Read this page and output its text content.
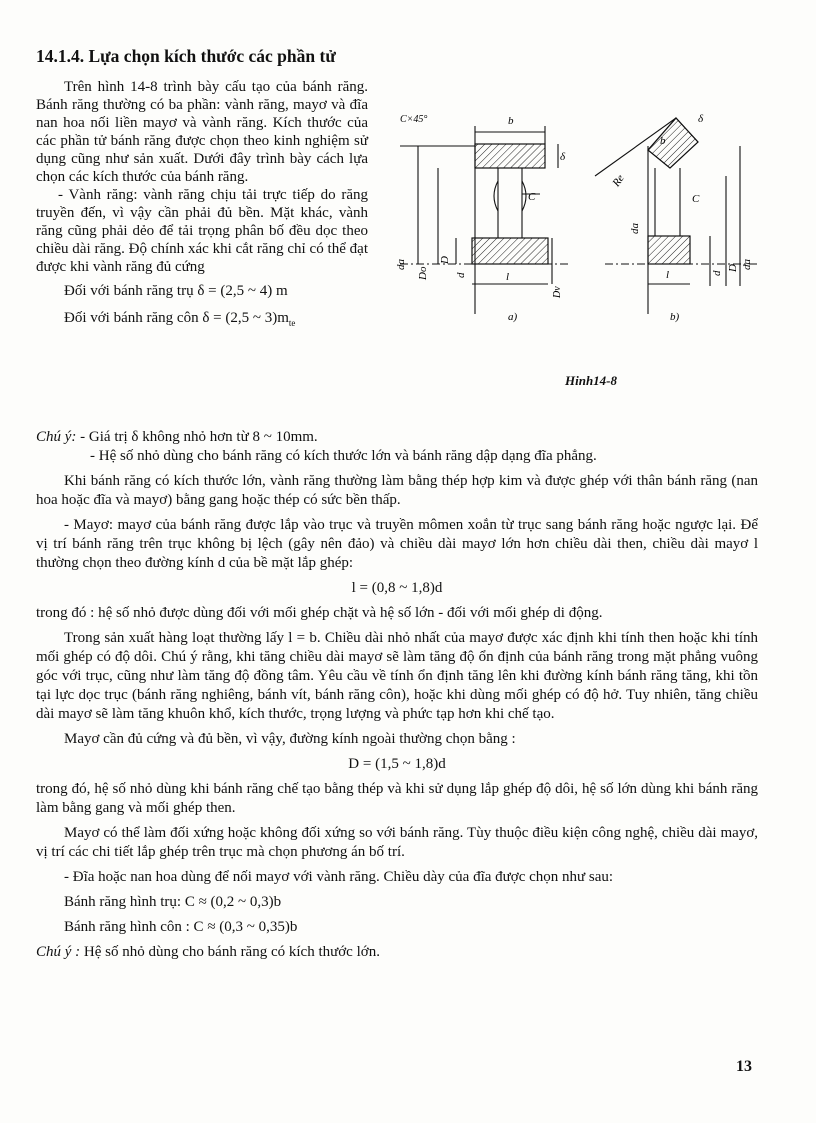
14.1.4. Lựa chọn kích thước các phần tử

Trên hình 14-8 trình bày cấu tạo của bánh răng. Bánh răng thường có ba phần: vành răng, mayơ và đĩa nan hoa nối liền mayơ và vành răng. Kích thước của các phần tử bánh răng được chọn theo kinh nghiệm sử dụng cũng như sản xuất. Dưới đây trình bày cách lựa chọn các kích thước của bánh răng.

- Vành răng: vành răng chịu tải trực tiếp do răng truyền đến, vì vậy cần phải đủ bền. Mặt khác, vành răng cũng phải dẻo để tải trọng phân bố đều dọc theo chiều dài răng. Độ chính xác khi cắt răng chỉ có thể đạt được khi vành răng đủ cứng

Đối với bánh răng trụ δ = (2,5 ~ 4) m

Đối với bánh răng côn δ = (2,5 ~ $3)m_{te}$

C×45°	b
δ
C
da
Do
D
d	l
Dv
a)
Re
b
δ
C
da
l	d
D da
b)
Hinh14-8

Chú ý: - Giá trị δ không nhỏ hơn từ 8 ~ 10mm.

- Hệ số nhỏ dùng cho bánh răng có kích thước lớn và bánh răng dập dạng đĩa phẳng.

Khi bánh răng có kích thước lớn, vành răng thường làm bằng thép hợp kim và được ghép với thân bánh răng (nan hoa hoặc đĩa và mayơ) bằng gang hoặc thép có sức bền thấp.

- Mayơ: mayơ của bánh răng được lắp vào trục và truyền mômen xoắn từ trục sang bánh răng hoặc ngược lại. Để vị trí bánh răng trên trục không bị lệch (gây nên đảo) và chiều dài mayơ lớn hơn chiều dài then, chiều dài mayơ l thường chọn theo đường kính d của bề mặt lắp ghép:

l = (0,8 ~ 1,8)d

trong đó : hệ số nhỏ được dùng đối với mối ghép chặt và hệ số lớn - đối với mối ghép di động.

Trong sản xuất hàng loạt thường lấy l = b. Chiều dài nhỏ nhất của mayơ được xác định khi tính then hoặc khi tính mối ghép có độ dôi. Chú ý rằng, khi tăng chiều dài mayơ sẽ làm tăng độ ổn định của bánh răng trong mặt phẳng vuông góc với trục, cũng như làm tăng độ đồng tâm. Yêu cầu về tính ổn định tăng lên khi đường kính bánh răng tăng, khi tồn tại lực dọc trục (bánh răng nghiêng, bánh vít, bánh răng côn), hoặc khi dùng mối ghép có độ hở. Tuy nhiên, tăng chiều dài mayơ sẽ làm tăng khuôn khổ, kích thước, trọng lượng và phức tạp hơn khi chế tạo.

Mayơ cần đủ cứng và đủ bền, vì vậy, đường kính ngoài thường chọn bằng :

D = (1,5 ~ 1,8)d

trong đó, hệ số nhỏ dùng khi bánh răng chế tạo bằng thép và khi sử dụng lắp ghép độ dôi, hệ số lớn dùng khi bánh răng làm bằng gang và mối ghép then.

Mayơ có thể làm đối xứng hoặc không đối xứng so với bánh răng. Tùy thuộc điều kiện công nghệ, chiều dài mayơ, vị trí các chi tiết lắp ghép trên trục mà chọn phương án bố trí.

- Đĩa hoặc nan hoa dùng để nối mayơ với vành răng. Chiều dày của đĩa được chọn như sau:

Bánh răng hình trụ: C ≈ (0,2 ~ 0,3)b

Bánh răng hình côn : C ≈ (0,3 ~ 0,35)b

Chú ý : Hệ số nhỏ dùng cho bánh răng có kích thước lớn.

13
